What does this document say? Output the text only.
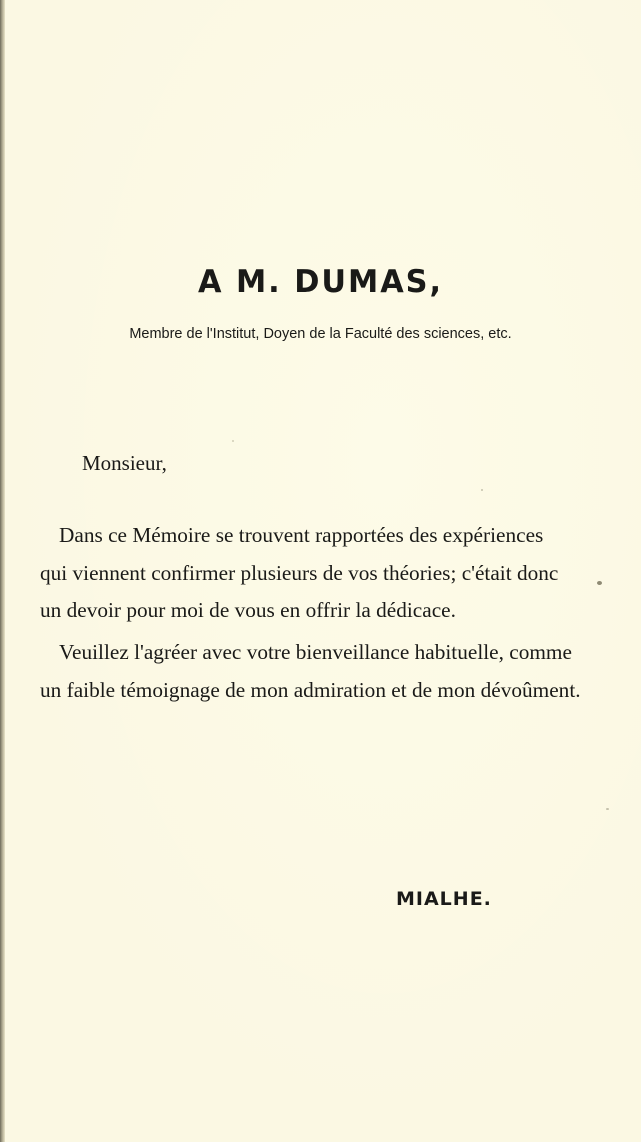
A M. DUMAS,
Membre de l'Institut, Doyen de la Faculté des sciences, etc.
Monsieur,
Dans ce Mémoire se trouvent rapportées des expériences
qui viennent confirmer plusieurs de vos théories; c'était donc
un devoir pour moi de vous en offrir la dédicace.
Veuillez l'agréer avec votre bienveillance habituelle, comme
un faible témoignage de mon admiration et de mon dévoûment.
MIALHE.
